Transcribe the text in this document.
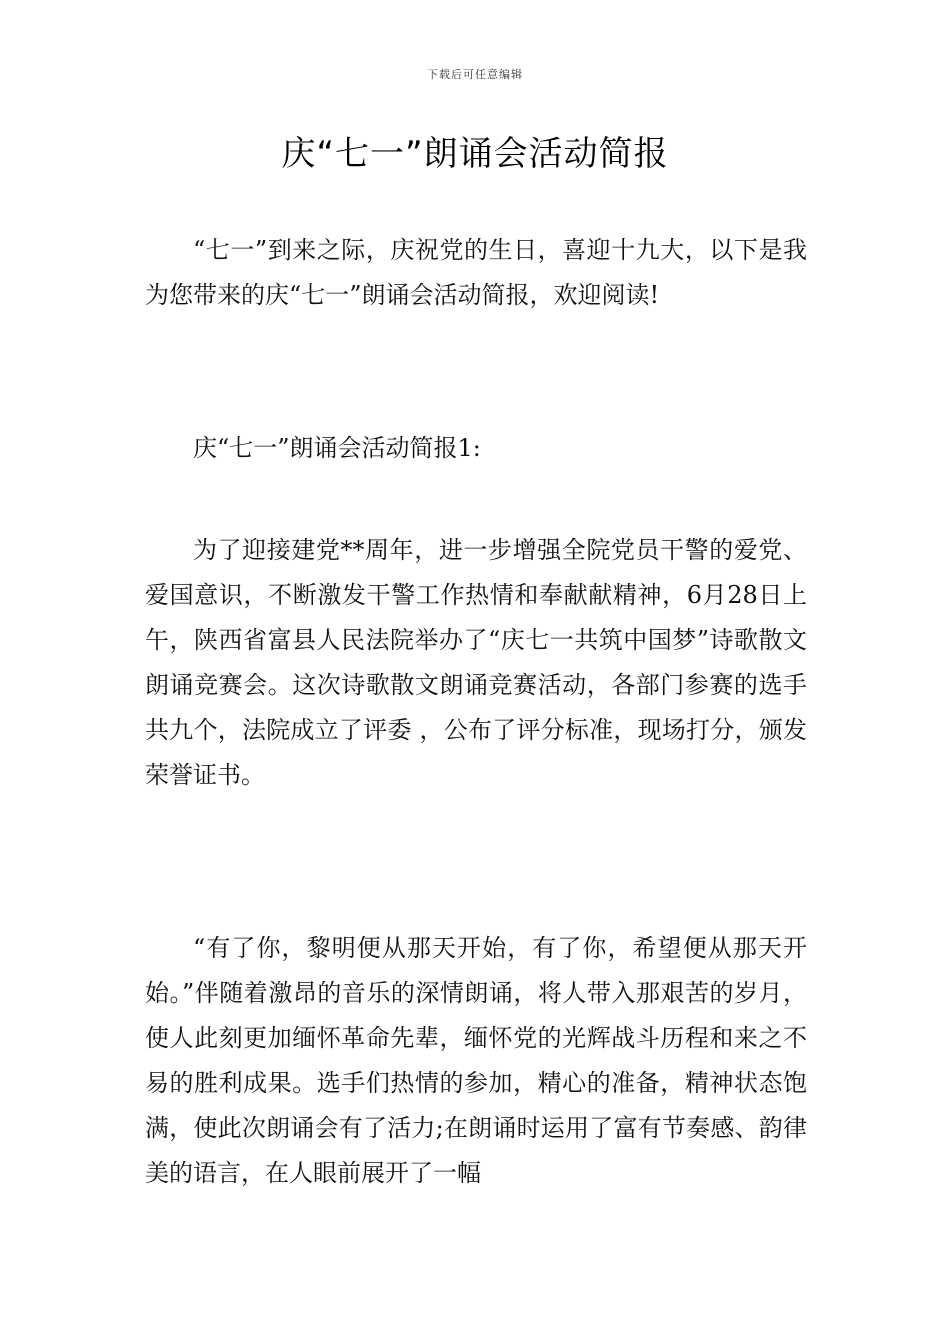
下载后可任意编辑
庆“七一”朗诵会活动简报

“七一”到来之际，庆祝党的生日，喜迎十九大，以下是我为您带来的庆“七一”朗诵会活动简报，欢迎阅读!

庆“七一”朗诵会活动简报1:

为了迎接建党**周年，进一步增强全院党员干警的爱党、爱国意识，不断激发干警工作热情和奉献献精神，6月28日上午，陕西省富县人民法院举办了“庆七一共筑中国梦”诗歌散文朗诵竞赛会。这次诗歌散文朗诵竞赛活动，各部门参赛的选手共九个，法院成立了评委 ，公布了评分标准，现场打分，颁发荣誉证书。

“有了你，黎明便从那天开始，有了你，希望便从那天开始。”伴随着激昂的音乐的深情朗诵，将人带入那艰苦的岁月，使人此刻更加缅怀革命先辈，缅怀党的光辉战斗历程和来之不易的胜利成果。选手们热情的参加，精心的准备，精神状态饱满，使此次朗诵会有了活力;在朗诵时运用了富有节奏感、韵律美的语言，在人眼前展开了一幅
